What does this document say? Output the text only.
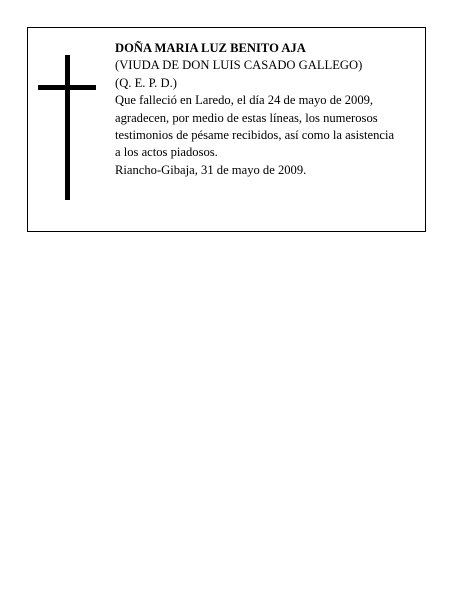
DOÑA MARIA LUZ BENITO AJA

(VIUDA DE DON LUIS CASADO GALLEGO)

(Q. E. P. D.)

Que falleció en Laredo, el día 24 de mayo de 2009,

agradecen, por medio de estas líneas, los numerosos

testimonios de pésame recibidos, así como la asistencia

a los actos piadosos.

Riancho-Gibaja, 31 de mayo de 2009.
